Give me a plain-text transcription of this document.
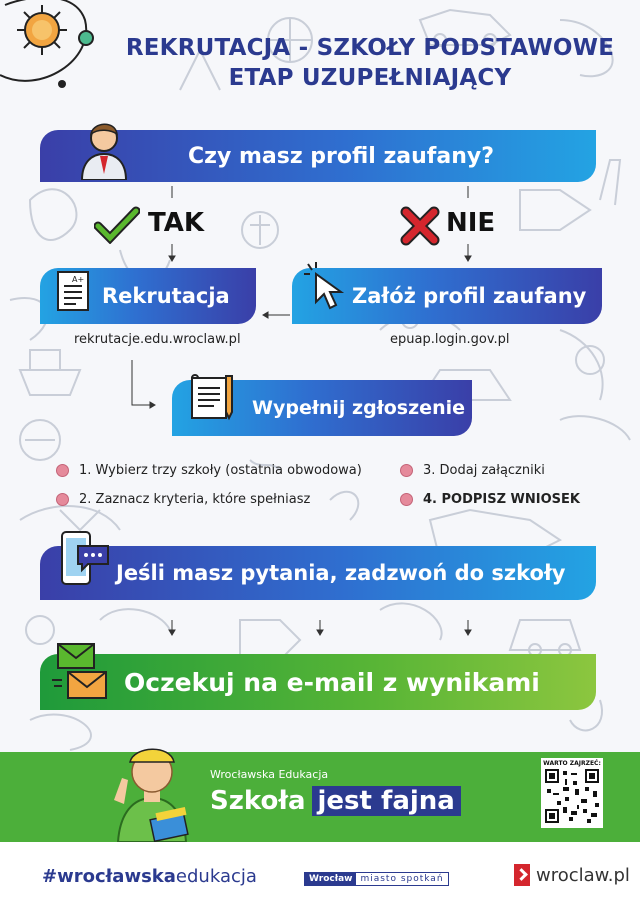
REKRUTACJA - SZKOŁY PODSTAWOWE
ETAP UZUPEŁNIAJĄCY
Czy masz profil zaufany?
TAK	NIE
Rekrutacja
A+
rekrutacje.edu.wroclaw.pl
Załóż profil zaufany
epuap.login.gov.pl
Wypełnij zgłoszenie
1. Wybierz trzy szkoły (ostatnia obwodowa)
2. Zaznacz kryteria, które spełniasz
3. Dodaj załączniki
4. PODPISZ WNIOSEK
Jeśli masz pytania, zadzwoń do szkoły
Oczekuj na e-mail z wynikami
Wrocławska Edukacja
Szkoła jest fajna
WARTO ZAJRZEĆ:
#wrocławskaedukacja	Wrocław miasto spotkań	wroclaw.pl
